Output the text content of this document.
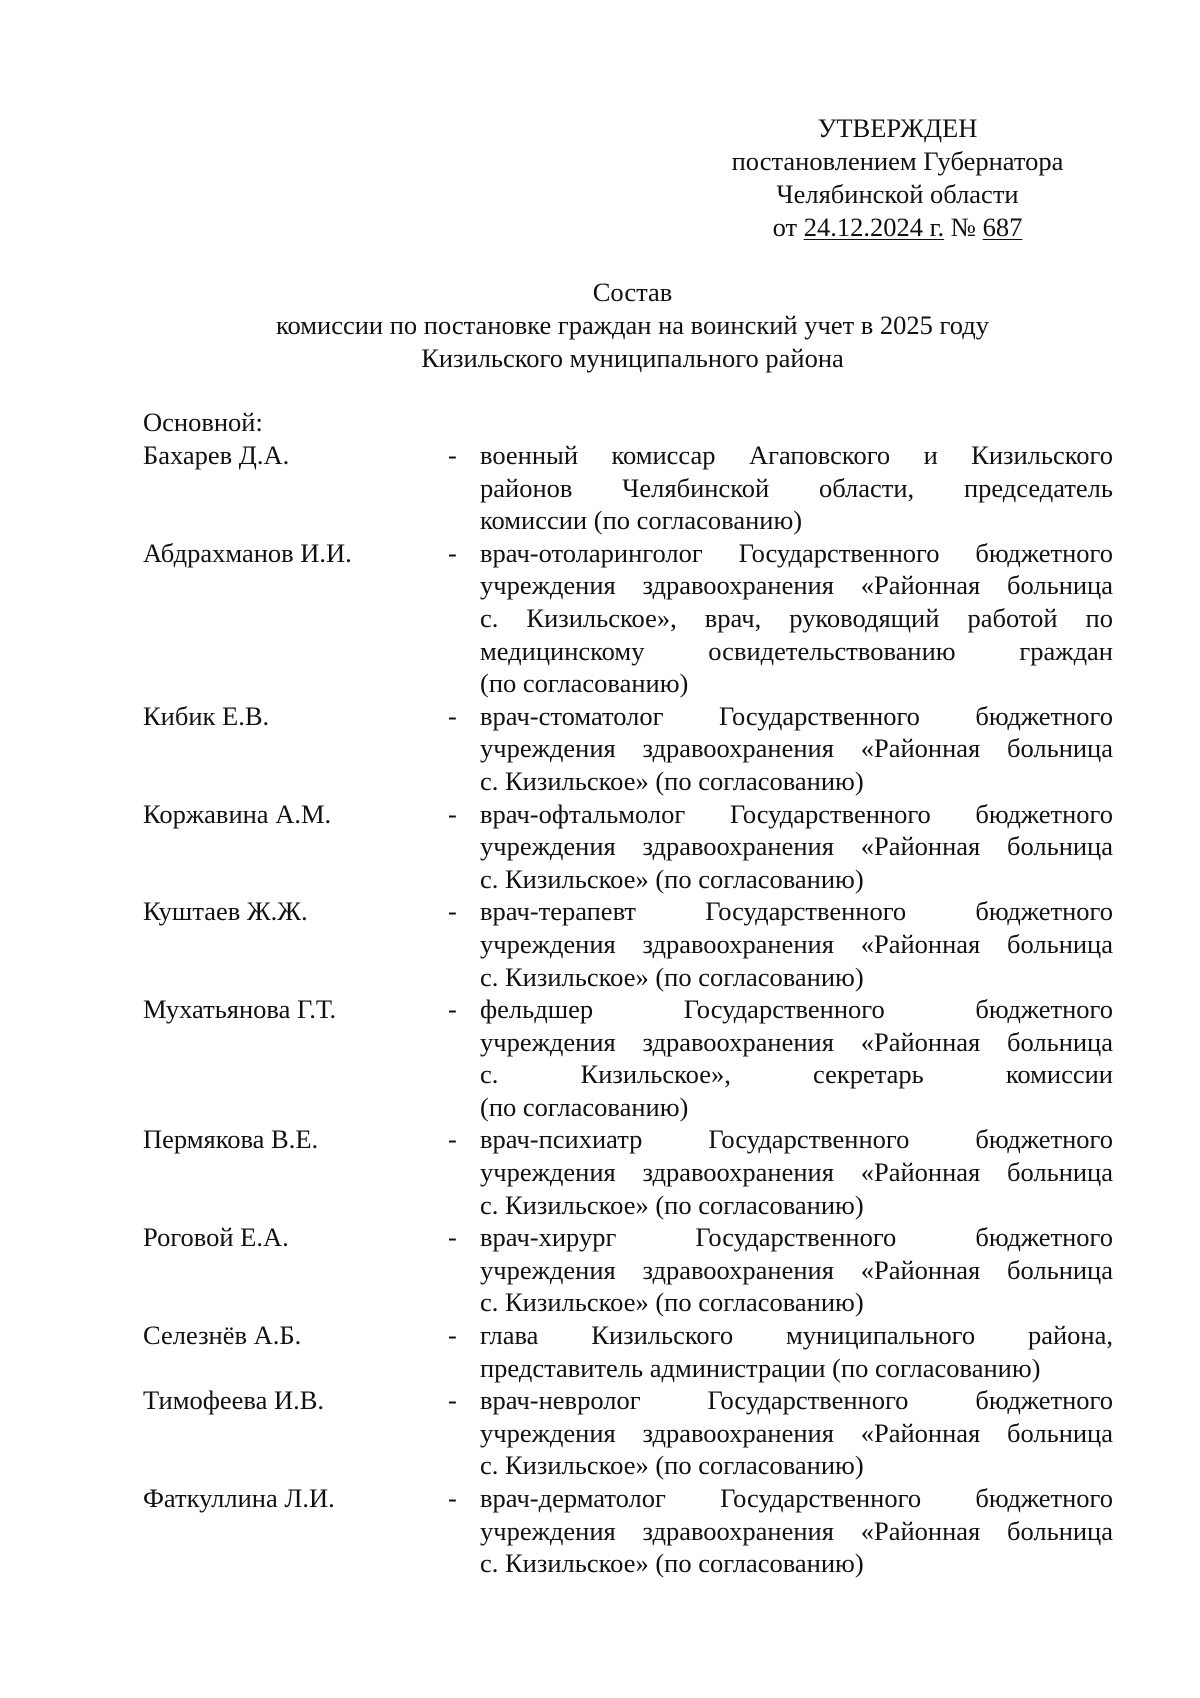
УТВЕРЖДЕН
постановлением Губернатора
Челябинской области
от 24.12.2024 г. № 687
Состав
комиссии по постановке граждан на воинский учет в 2025 году
Кизильского муниципального района
Основной:
Бахарев Д.А.	- военный комиссар Агаповского и Кизильского
районов Челябинской области, председатель
комиссии (по согласованию)
Абдрахманов И.И.	- врач-отоларинголог Государственного бюджетного
учреждения здравоохранения «Районная больница
с. Кизильское», врач, руководящий работой по
медицинскому освидетельствованию граждан
(по согласованию)
Кибик Е.В.	- врач-стоматолог Государственного бюджетного
учреждения здравоохранения «Районная больница
с. Кизильское» (по согласованию)
Коржавина А.М.	- врач-офтальмолог Государственного бюджетного
учреждения здравоохранения «Районная больница
с. Кизильское» (по согласованию)
Куштаев Ж.Ж.	- врач-терапевт Государственного бюджетного
учреждения здравоохранения «Районная больница
с. Кизильское» (по согласованию)
Мухатьянова Г.Т.	- фельдшер Государственного бюджетного
учреждения здравоохранения «Районная больница
с. Кизильское», секретарь комиссии
(по согласованию)
Пермякова В.Е.	- врач-психиатр Государственного бюджетного
учреждения здравоохранения «Районная больница
с. Кизильское» (по согласованию)
Роговой Е.А.	- врач-хирург Государственного бюджетного
учреждения здравоохранения «Районная больница
с. Кизильское» (по согласованию)
Селезнёв А.Б.	- глава Кизильского муниципального района,
представитель администрации (по согласованию)
Тимофеева И.В.	- врач-невролог Государственного бюджетного
учреждения здравоохранения «Районная больница
с. Кизильское» (по согласованию)
Фаткуллина Л.И.	- врач-дерматолог Государственного бюджетного
учреждения здравоохранения «Районная больница
с. Кизильское» (по согласованию)
